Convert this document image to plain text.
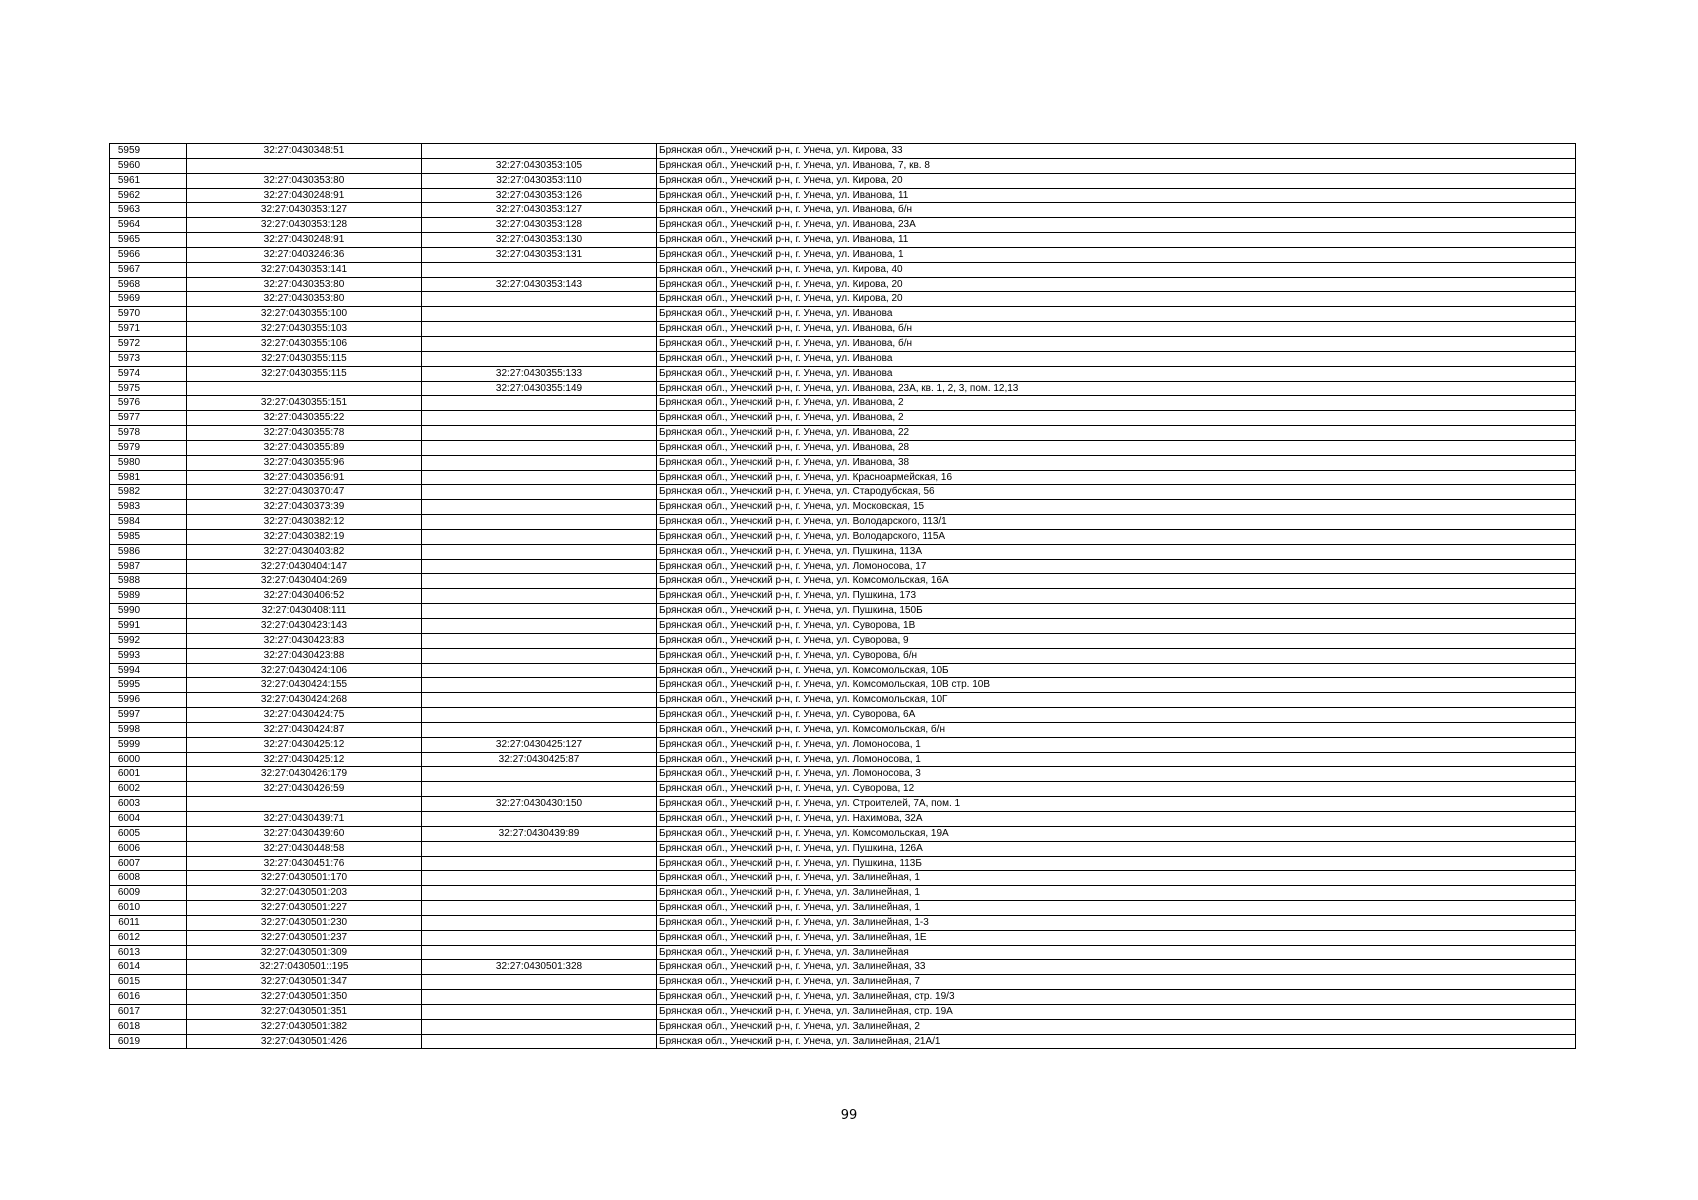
5959	32:27:0430348:51		Брянская обл., Унечский р-н, г. Унеча, ул. Кирова, 33
5960		32:27:0430353:105	Брянская обл., Унечский р-н, г. Унеча, ул. Иванова, 7, кв. 8
5961	32:27:0430353:80	32:27:0430353:110	Брянская обл., Унечский р-н, г. Унеча, ул. Кирова, 20
5962	32:27:0430248:91	32:27:0430353:126	Брянская обл., Унечский р-н, г. Унеча, ул. Иванова, 11
5963	32:27:0430353:127	32:27:0430353:127	Брянская обл., Унечский р-н, г. Унеча, ул. Иванова, б/н
5964	32:27:0430353:128	32:27:0430353:128	Брянская обл., Унечский р-н, г. Унеча, ул. Иванова, 23А
5965	32:27:0430248:91	32:27:0430353:130	Брянская обл., Унечский р-н, г. Унеча, ул. Иванова, 11
5966	32:27:0403246:36	32:27:0430353:131	Брянская обл., Унечский р-н, г. Унеча, ул. Иванова, 1
5967	32:27:0430353:141		Брянская обл., Унечский р-н, г. Унеча, ул. Кирова, 40
5968	32:27:0430353:80	32:27:0430353:143	Брянская обл., Унечский р-н, г. Унеча, ул. Кирова, 20
5969	32:27:0430353:80		Брянская обл., Унечский р-н, г. Унеча, ул. Кирова, 20
5970	32:27:0430355:100		Брянская обл., Унечский р-н, г. Унеча, ул. Иванова
5971	32:27:0430355:103		Брянская обл., Унечский р-н, г. Унеча, ул. Иванова, б/н
5972	32:27:0430355:106		Брянская обл., Унечский р-н, г. Унеча, ул. Иванова, б/н
5973	32:27:0430355:115		Брянская обл., Унечский р-н, г. Унеча, ул. Иванова
5974	32:27:0430355:115	32:27:0430355:133	Брянская обл., Унечский р-н, г. Унеча, ул. Иванова
5975		32:27:0430355:149	Брянская обл., Унечский р-н, г. Унеча, ул. Иванова, 23А, кв. 1, 2, 3, пом. 12,13
5976	32:27:0430355:151		Брянская обл., Унечский р-н, г. Унеча, ул. Иванова, 2
5977	32:27:0430355:22		Брянская обл., Унечский р-н, г. Унеча, ул. Иванова, 2
5978	32:27:0430355:78		Брянская обл., Унечский р-н, г. Унеча, ул. Иванова, 22
5979	32:27:0430355:89		Брянская обл., Унечский р-н, г. Унеча, ул. Иванова, 28
5980	32:27:0430355:96		Брянская обл., Унечский р-н, г. Унеча, ул. Иванова, 38
5981	32:27:0430356:91		Брянская обл., Унечский р-н, г. Унеча, ул. Красноармейская, 16
5982	32:27:0430370:47		Брянская обл., Унечский р-н, г. Унеча, ул. Стародубская, 56
5983	32:27:0430373:39		Брянская обл., Унечский р-н, г. Унеча, ул. Московская, 15
5984	32:27:0430382:12		Брянская обл., Унечский р-н, г. Унеча, ул. Володарского, 113/1
5985	32:27:0430382:19		Брянская обл., Унечский р-н, г. Унеча, ул. Володарского, 115А
5986	32:27:0430403:82		Брянская обл., Унечский р-н, г. Унеча, ул. Пушкина, 113А
5987	32:27:0430404:147		Брянская обл., Унечский р-н, г. Унеча, ул. Ломоносова, 17
5988	32:27:0430404:269		Брянская обл., Унечский р-н, г. Унеча, ул. Комсомольская, 16А
5989	32:27:0430406:52		Брянская обл., Унечский р-н, г. Унеча, ул. Пушкина, 173
5990	32:27:0430408:111		Брянская обл., Унечский р-н, г. Унеча, ул. Пушкина, 150Б
5991	32:27:0430423:143		Брянская обл., Унечский р-н, г. Унеча, ул. Суворова, 1В
5992	32:27:0430423:83		Брянская обл., Унечский р-н, г. Унеча, ул. Суворова, 9
5993	32:27:0430423:88		Брянская обл., Унечский р-н, г. Унеча, ул. Суворова, б/н
5994	32:27:0430424:106		Брянская обл., Унечский р-н, г. Унеча, ул. Комсомольская, 10Б
5995	32:27:0430424:155		Брянская обл., Унечский р-н, г. Унеча, ул. Комсомольская, 10В стр. 10В
5996	32:27:0430424:268		Брянская обл., Унечский р-н, г. Унеча, ул. Комсомольская, 10Г
5997	32:27:0430424:75		Брянская обл., Унечский р-н, г. Унеча, ул. Суворова, 6А
5998	32:27:0430424:87		Брянская обл., Унечский р-н, г. Унеча, ул. Комсомольская, б/н
5999	32:27:0430425:12	32:27:0430425:127	Брянская обл., Унечский р-н, г. Унеча, ул. Ломоносова, 1
6000	32:27:0430425:12	32:27:0430425:87	Брянская обл., Унечский р-н, г. Унеча, ул. Ломоносова, 1
6001	32:27:0430426:179		Брянская обл., Унечский р-н, г. Унеча, ул. Ломоносова, 3
6002	32:27:0430426:59		Брянская обл., Унечский р-н, г. Унеча, ул. Суворова, 12
6003		32:27:0430430:150	Брянская обл., Унечский р-н, г. Унеча, ул. Строителей, 7А, пом. 1
6004	32:27:0430439:71		Брянская обл., Унечский р-н, г. Унеча, ул. Нахимова, 32А
6005	32:27:0430439:60	32:27:0430439:89	Брянская обл., Унечский р-н, г. Унеча, ул. Комсомольская, 19А
6006	32:27:0430448:58		Брянская обл., Унечский р-н, г. Унеча, ул. Пушкина, 126А
6007	32:27:0430451:76		Брянская обл., Унечский р-н, г. Унеча, ул. Пушкина, 113Б
6008	32:27:0430501:170		Брянская обл., Унечский р-н, г. Унеча, ул. Залинейная, 1
6009	32:27:0430501:203		Брянская обл., Унечский р-н, г. Унеча, ул. Залинейная, 1
6010	32:27:0430501:227		Брянская обл., Унечский р-н, г. Унеча, ул. Залинейная, 1
6011	32:27:0430501:230		Брянская обл., Унечский р-н, г. Унеча, ул. Залинейная, 1-3
6012	32:27:0430501:237		Брянская обл., Унечский р-н, г. Унеча, ул. Залинейная, 1Е
6013	32:27:0430501:309		Брянская обл., Унечский р-н, г. Унеча, ул. Залинейная
6014	32:27:0430501::195	32:27:0430501:328	Брянская обл., Унечский р-н, г. Унеча, ул. Залинейная, 33
6015	32:27:0430501:347		Брянская обл., Унечский р-н, г. Унеча, ул. Залинейная, 7
6016	32:27:0430501:350		Брянская обл., Унечский р-н, г. Унеча, ул. Залинейная, стр. 19/3
6017	32:27:0430501:351		Брянская обл., Унечский р-н, г. Унеча, ул. Залинейная, стр. 19А
6018	32:27:0430501:382		Брянская обл., Унечский р-н, г. Унеча, ул. Залинейная, 2
6019	32:27:0430501:426		Брянская обл., Унечский р-н, г. Унеча, ул. Залинейная, 21А/1
99
